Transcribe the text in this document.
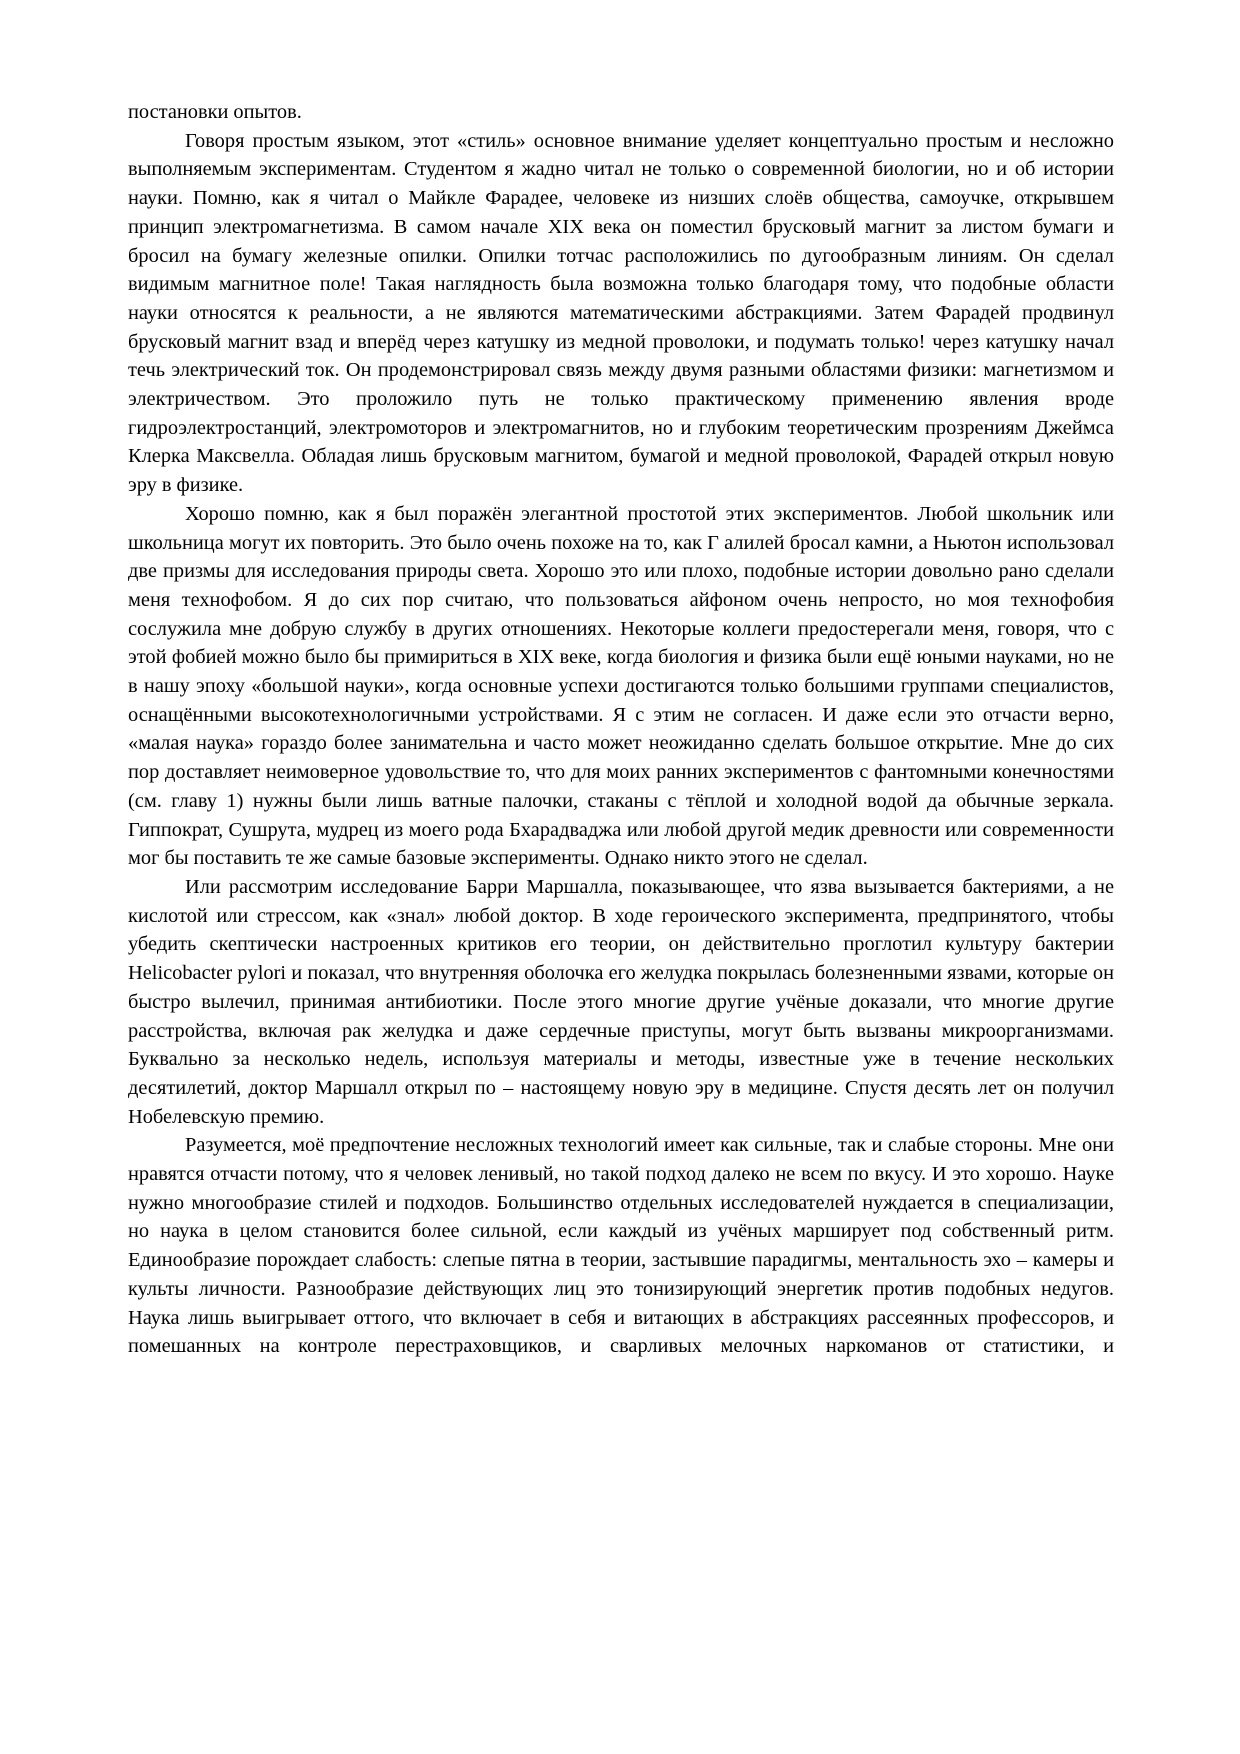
постановки опытов.

Говоря простым языком, этот «стиль» основное внимание уделяет концептуально простым и несложно выполняемым экспериментам. Студентом я жадно читал не только о современной биологии, но и об истории науки. Помню, как я читал о Майкле Фарадее, человеке из низших слоёв общества, самоучке, открывшем принцип электромагнетизма. В самом начале XIX века он поместил брусковый магнит за листом бумаги и бросил на бумагу железные опилки. Опилки тотчас расположились по дугообразным линиям. Он сделал видимым магнитное поле! Такая наглядность была возможна только благодаря тому, что подобные области науки относятся к реальности, а не являются математическими абстракциями. Затем Фарадей продвинул брусковый магнит взад и вперёд через катушку из медной проволоки, и подумать только! через катушку начал течь электрический ток. Он продемонстрировал связь между двумя разными областями физики: магнетизмом и электричеством. Это проложило путь не только практическому применению явления вроде гидроэлектростанций, электромоторов и электромагнитов, но и глубоким теоретическим прозрениям Джеймса Клерка Максвелла. Обладая лишь брусковым магнитом, бумагой и медной проволокой, Фарадей открыл новую эру в физике.

Хорошо помню, как я был поражён элегантной простотой этих экспериментов. Любой школьник или школьница могут их повторить. Это было очень похоже на то, как Г алилей бросал камни, а Ньютон использовал две призмы для исследования природы света. Хорошо это или плохо, подобные истории довольно рано сделали меня технофобом. Я до сих пор считаю, что пользоваться айфоном очень непросто, но моя технофобия сослужила мне добрую службу в других отношениях. Некоторые коллеги предостерегали меня, говоря, что с этой фобией можно было бы примириться в XIX веке, когда биология и физика были ещё юными науками, но не в нашу эпоху «большой науки», когда основные успехи достигаются только большими группами специалистов, оснащёнными высокотехнологичными устройствами. Я с этим не согласен. И даже если это отчасти верно, «малая наука» гораздо более занимательна и часто может неожиданно сделать большое открытие. Мне до сих пор доставляет неимоверное удовольствие то, что для моих ранних экспериментов с фантомными конечностями (см. главу 1) нужны были лишь ватные палочки, стаканы с тёплой и холодной водой да обычные зеркала. Гиппократ, Сушрута, мудрец из моего рода Бхарадваджа или любой другой медик древности или современности мог бы поставить те же самые базовые эксперименты. Однако никто этого не сделал.

Или рассмотрим исследование Барри Маршалла, показывающее, что язва вызывается бактериями, а не кислотой или стрессом, как «знал» любой доктор. В ходе героического эксперимента, предпринятого, чтобы убедить скептически настроенных критиков его теории, он действительно проглотил культуру бактерии Helicobacter pylori и показал, что внутренняя оболочка его желудка покрылась болезненными язвами, которые он быстро вылечил, принимая антибиотики. После этого многие другие учёные доказали, что многие другие расстройства, включая рак желудка и даже сердечные приступы, могут быть вызваны микроорганизмами. Буквально за несколько недель, используя материалы и методы, известные уже в течение нескольких десятилетий, доктор Маршалл открыл по – настоящему новую эру в медицине. Спустя десять лет он получил Нобелевскую премию.

Разумеется, моё предпочтение несложных технологий имеет как сильные, так и слабые стороны. Мне они нравятся отчасти потому, что я человек ленивый, но такой подход далеко не всем по вкусу. И это хорошо. Науке нужно многообразие стилей и подходов. Большинство отдельных исследователей нуждается в специализации, но наука в целом становится более сильной, если каждый из учёных марширует под собственный ритм. Единообразие порождает слабость: слепые пятна в теории, застывшие парадигмы, ментальность эхо – камеры и культы личности. Разнообразие действующих лиц это тонизирующий энергетик против подобных недугов. Наука лишь выигрывает оттого, что включает в себя и витающих в абстракциях рассеянных профессоров, и помешанных на контроле перестраховщиков, и сварливых мелочных наркоманов от статистики, и
